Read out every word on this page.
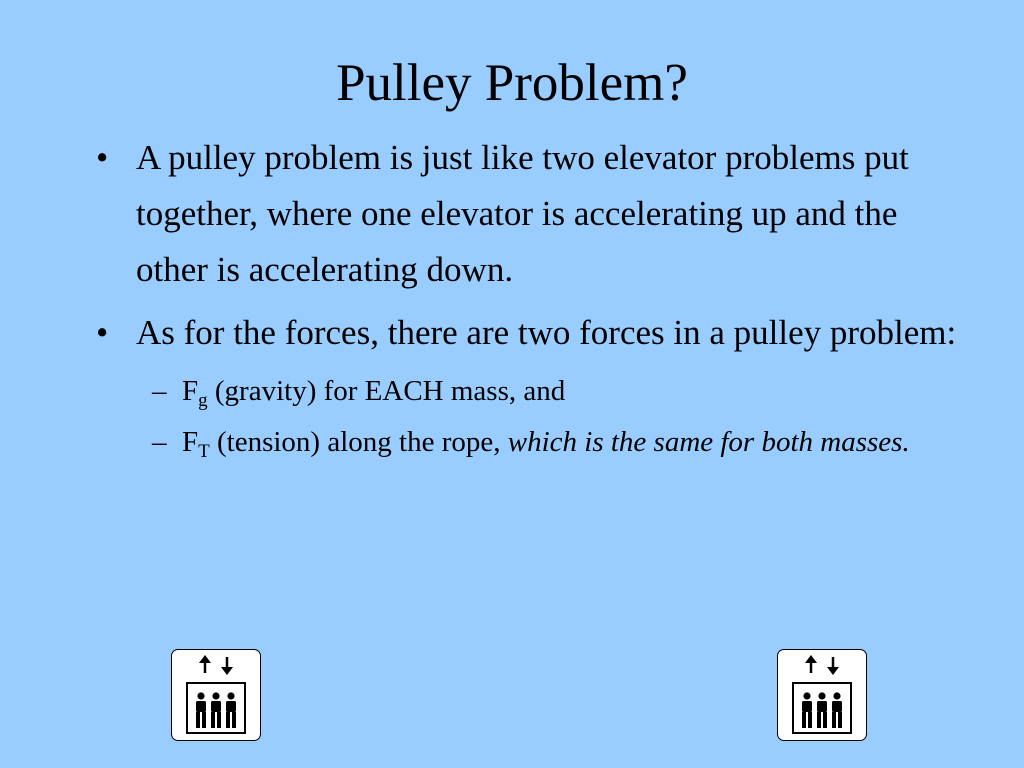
Pulley Problem?
• A pulley problem is just like two elevator problems put together, where one elevator is accelerating up and the other is accelerating down.
• As for the forces, there are two forces in a pulley problem:
– $F_g$ (gravity) for EACH mass, and
– $F_T$ (tension) along the rope, which is the same for both masses.
